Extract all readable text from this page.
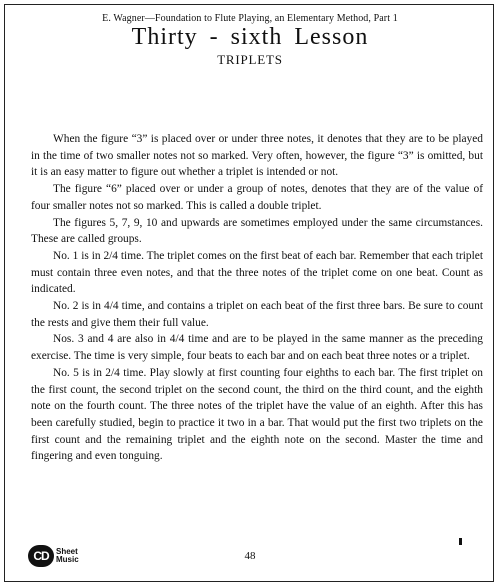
E. Wagner—Foundation to Flute Playing, an Elementary Method, Part 1
Thirty - sixth Lesson
TRIPLETS

When the figure “3” is placed over or under three notes, it denotes that they are to be played in the time of two smaller notes not so marked. Very often, however, the figure “3” is omitted, but it is an easy matter to figure out whether a triplet is intended or not.

The figure “6” placed over or under a group of notes, denotes that they are of the value of four smaller notes not so marked. This is called a double triplet.

The figures 5, 7, 9, 10 and upwards are sometimes employed under the same circumstances. These are called groups.

No. 1 is in 2/4 time. The triplet comes on the first beat of each bar. Remember that each triplet must contain three even notes, and that the three notes of the triplet come on one beat. Count as indicated.

No. 2 is in 4/4 time, and contains a triplet on each beat of the first three bars. Be sure to count the rests and give them their full value.

Nos. 3 and 4 are also in 4/4 time and are to be played in the same manner as the preceding exercise. The time is very simple, four beats to each bar and on each beat three notes or a triplet.

No. 5 is in 2/4 time. Play slowly at first counting four eighths to each bar. The first triplet on the first count, the second triplet on the second count, the third on the third count, and the eighth note on the fourth count. The three notes of the triplet have the value of an eighth. After this has been carefully studied, begin to practice it two in a bar. That would put the first two triplets on the first count and the remaining triplet and the eighth note on the second. Master the time and fingering and even tonguing.

CD Sheet
Music	48
